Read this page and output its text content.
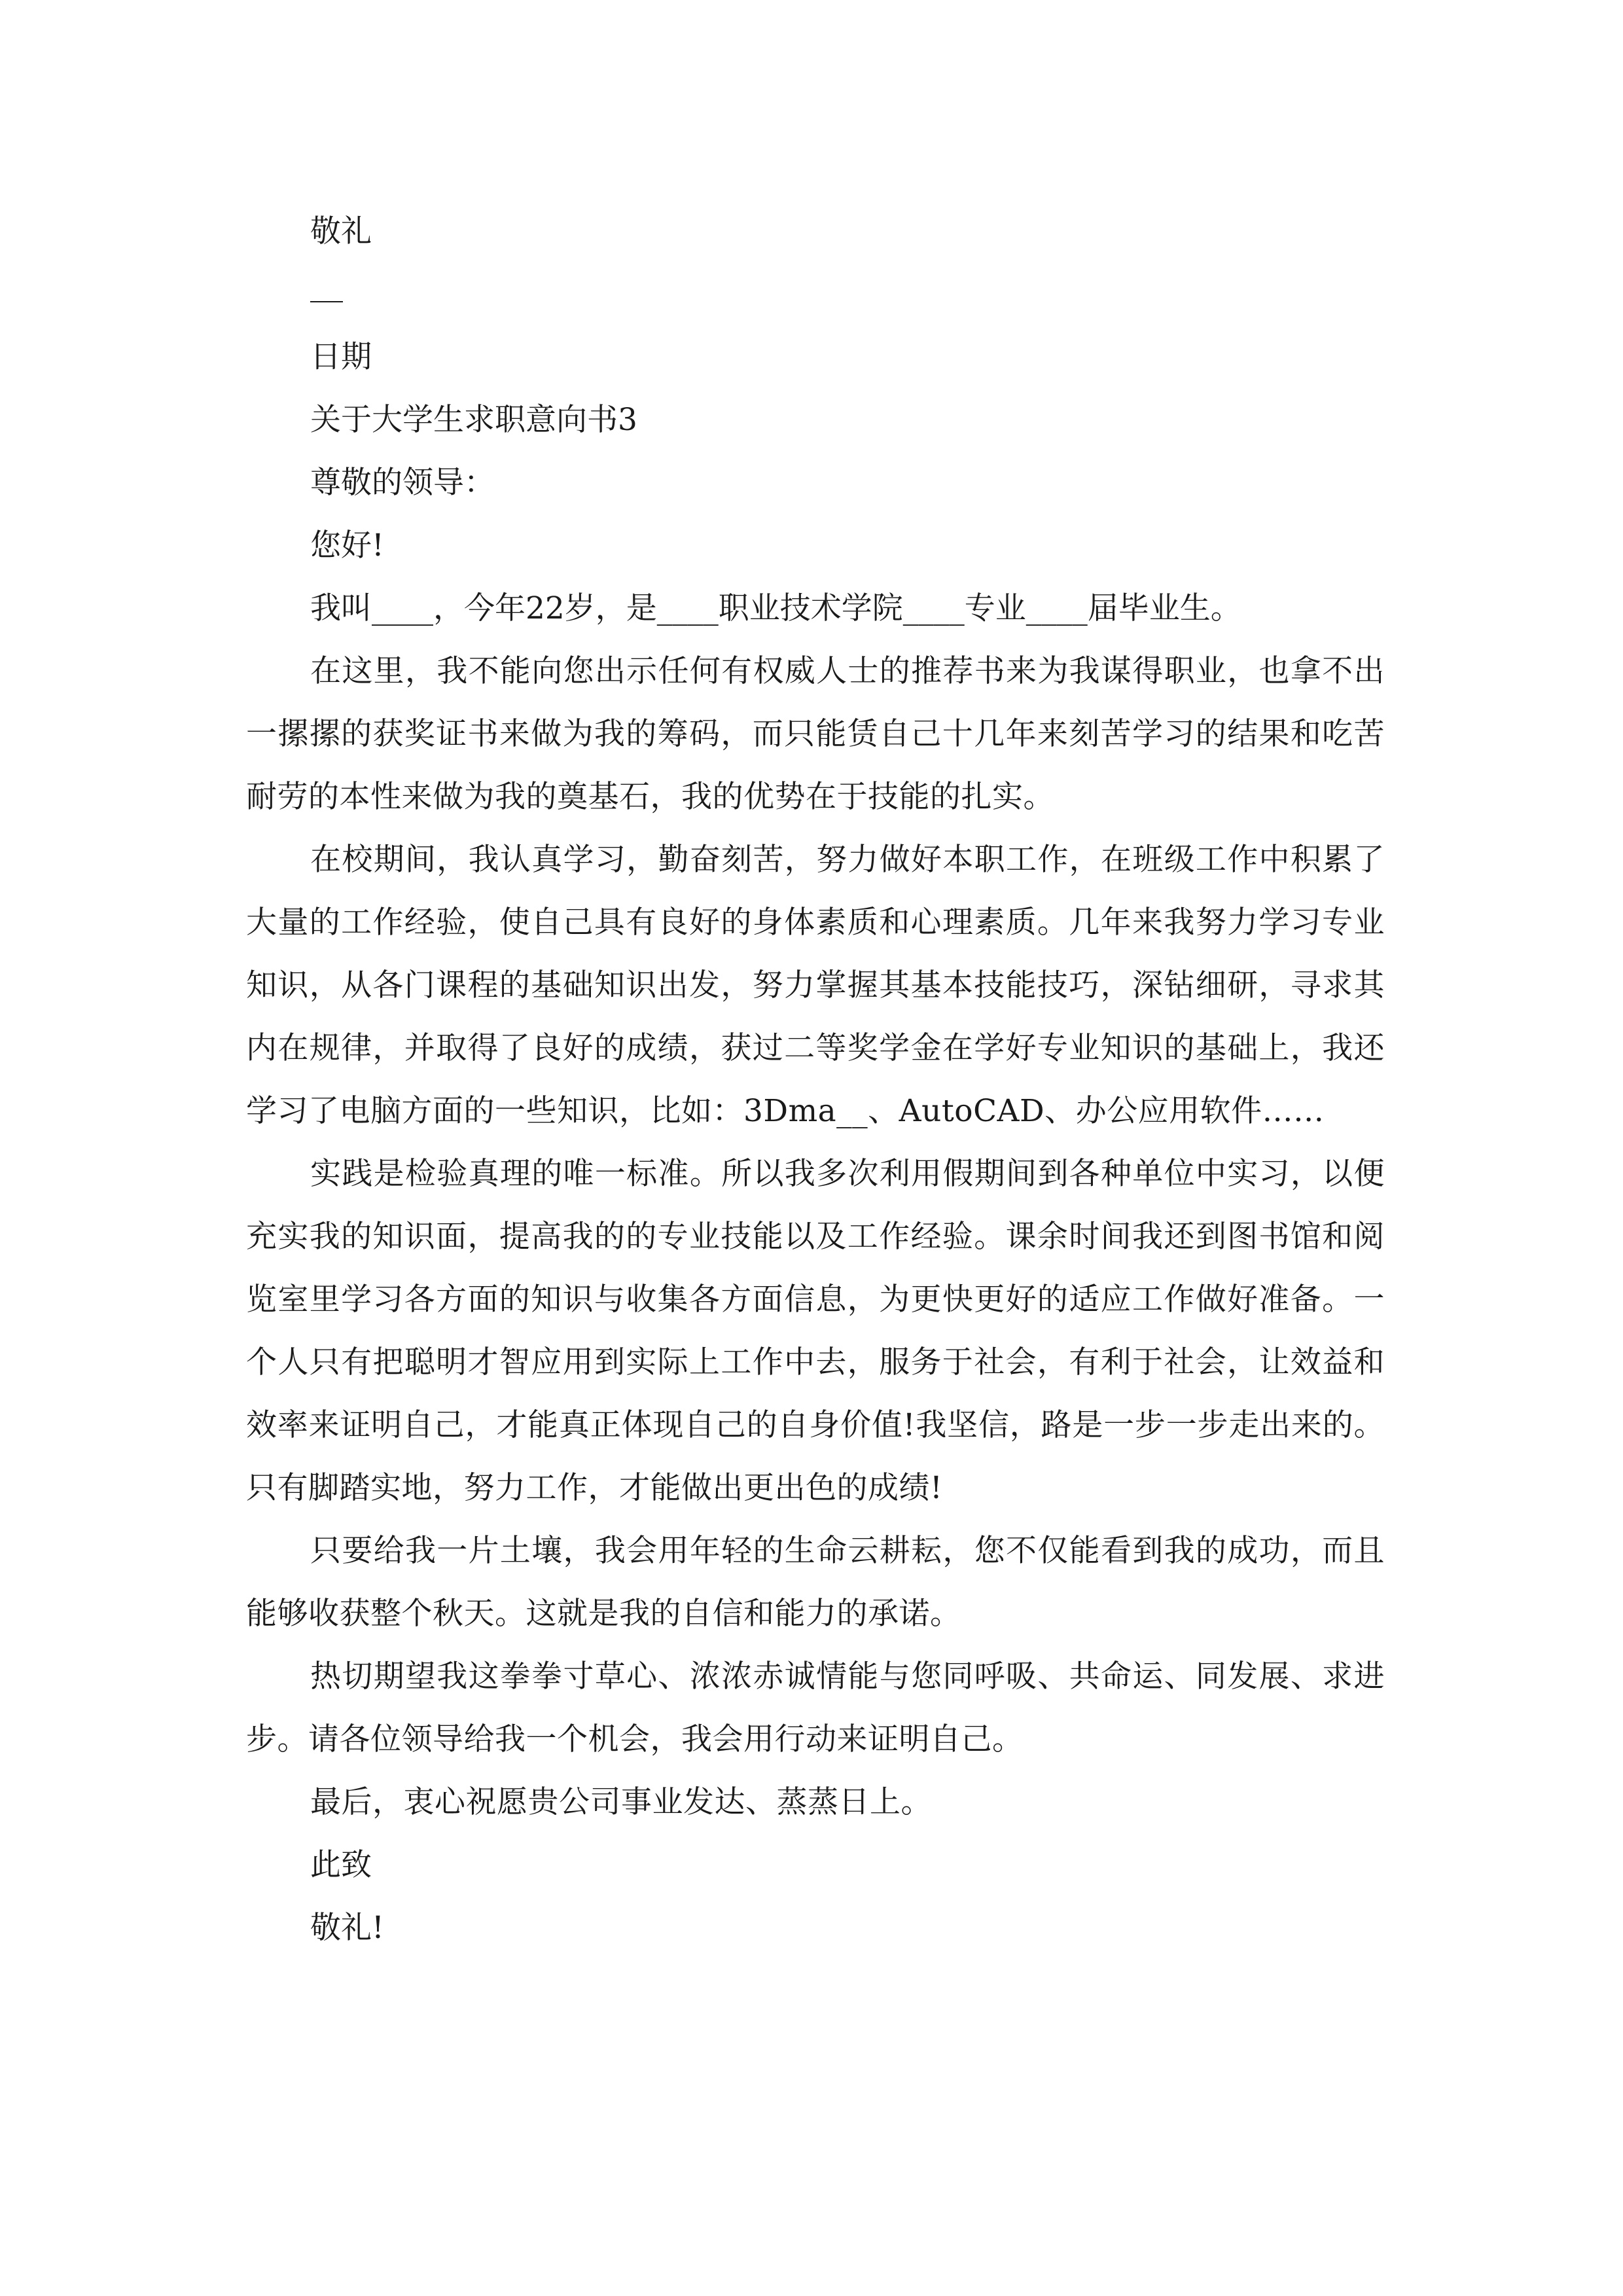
敬礼

日期

关于大学生求职意向书3

尊敬的领导：

您好!

我叫____，今年22岁，是____职业技术学院____专业____届毕业生。

在这里，我不能向您出示任何有权威人士的推荐书来为我谋得职业，也拿不出一摞摞的获奖证书来做为我的筹码，而只能赁自己十几年来刻苦学习的结果和吃苦耐劳的本性来做为我的奠基石，我的优势在于技能的扎实。

在校期间，我认真学习，勤奋刻苦，努力做好本职工作，在班级工作中积累了大量的工作经验，使自己具有良好的身体素质和心理素质。几年来我努力学习专业知识，从各门课程的基础知识出发，努力掌握其基本技能技巧，深钻细研，寻求其内在规律，并取得了良好的成绩，获过二等奖学金在学好专业知识的基础上，我还学习了电脑方面的一些知识，比如：3Dma__、AutoCAD、办公应用软件……

实践是检验真理的唯一标准。所以我多次利用假期间到各种单位中实习，以便充实我的知识面，提高我的的专业技能以及工作经验。课余时间我还到图书馆和阅览室里学习各方面的知识与收集各方面信息，为更快更好的适应工作做好准备。一个人只有把聪明才智应用到实际上工作中去，服务于社会，有利于社会，让效益和效率来证明自己，才能真正体现自己的自身价值!我坚信，路是一步一步走出来的。只有脚踏实地，努力工作，才能做出更出色的成绩!

只要给我一片土壤，我会用年轻的生命云耕耘，您不仅能看到我的成功，而且能够收获整个秋天。这就是我的自信和能力的承诺。

热切期望我这拳拳寸草心、浓浓赤诚情能与您同呼吸、共命运、同发展、求进步。请各位领导给我一个机会，我会用行动来证明自己。

最后，衷心祝愿贵公司事业发达、蒸蒸日上。

此致

敬礼!
